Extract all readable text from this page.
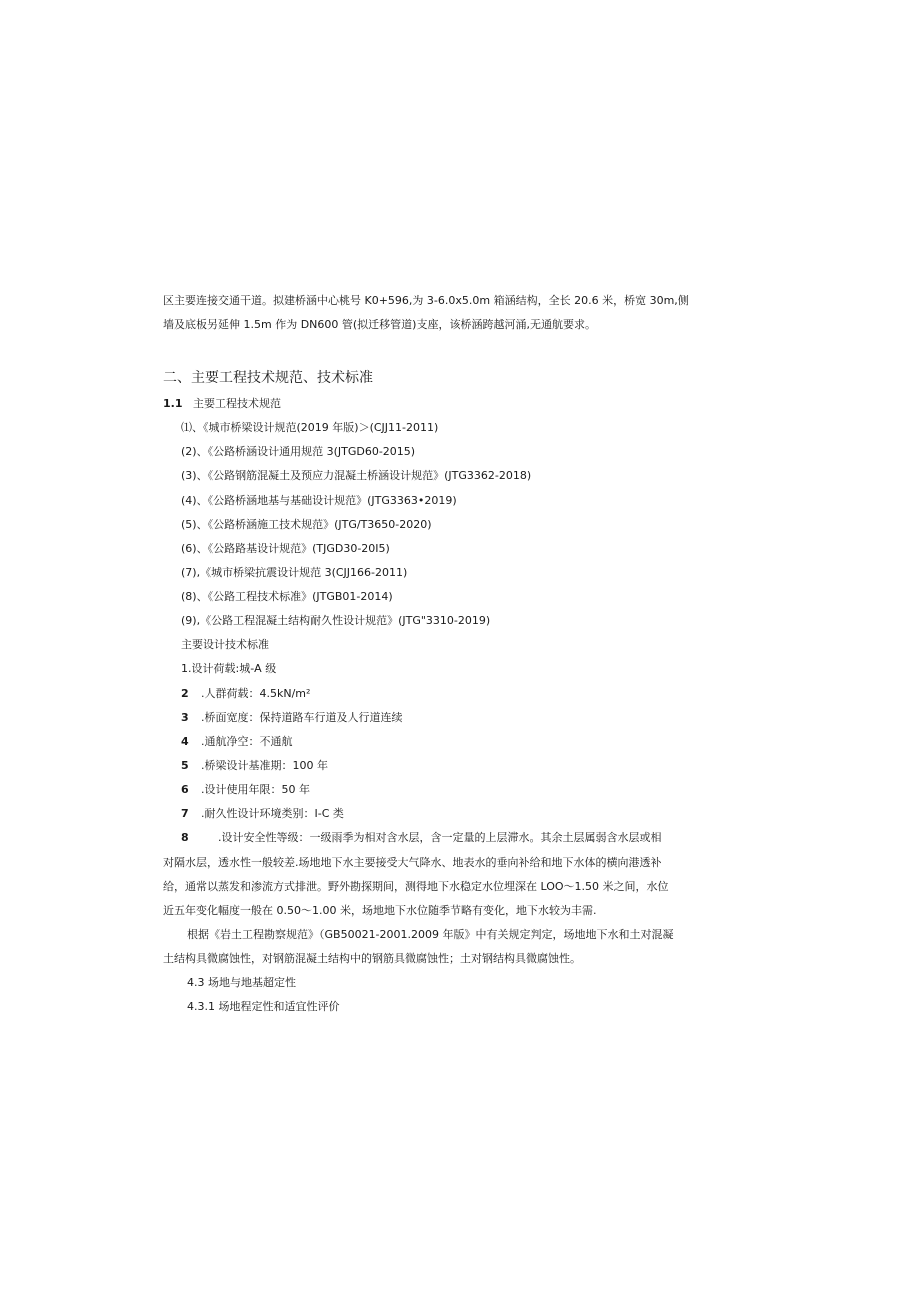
区主要连接交通干道。拟建桥涵中心桃号 K0+596,为 3-6.0x5.0m 箱涵结构，全长 20.6 米，桥宽 30m,侧
墙及底板另延伸 1.5m 作为 DN600 管(拟迁移管道)支座，该桥涵跨越河涌,无通航要求。
二、主要工程技术规范、技术标准
1.1 主要工程技术规范
⑴、《城市桥梁设计规范(2019 年版)＞(CJJ11-2011)
(2)、《公路桥涵设计通用规范 3(JTGD60-2015)
(3)、《公路钢筋混凝土及预应力混凝土桥涵设计规范》(JTG3362-2018)
(4)、《公路桥涵地基与基础设计规范》(JTG3363•2019)
(5)、《公路桥涵施工技术规范》(JTG/T3650-2020)
(6)、《公路路基设计规范》(TJGD30-20I5)
(7),《城市桥梁抗震设计规范 3(CJJ166-2011)
(8)、《公路工程技术标准》(JTGB01-2014)
(9),《公路工程混凝土结构耐久性设计规范》(JTG"3310-2019)
主要设计技术标准
1.设计荷载:城-A 级
2 .人群荷载：4.5kN/m²
3 .桥面宽度：保持道路车行道及人行道连续
4 .通航净空：不通航
5 .桥梁设计基准期：100 年
6 .设计使用年限：50 年
7 .耐久性设计环境类别：I-C 类
8	.设计安全性等级：一级雨季为相对含水层，含一定量的上层滞水。其余土层属弱含水层或相
对隔水层，透水性一般较差.场地地下水主要接受大气降水、地表水的垂向补给和地下水体的横向港透补
给，通常以蒸发和渗流方式排泄。野外勘探期间，测得地下水稳定水位埋深在 LOO〜1.50 米之间，水位
近五年变化幅度一般在 0.50〜1.00 米，场地地下水位随季节略有变化，地下水较为丰需.
根据《岩土工程勘察规范》（GB50021-2001.2009 年版》中有关规定判定，场地地下水和土对混凝
土结构具微腐蚀性，对钢筋混凝土结构中的钢筋具微腐蚀性；土对钢结构具微腐蚀性。
4.3 场地与地基超定性
4.3.1 场地程定性和适宜性评价
